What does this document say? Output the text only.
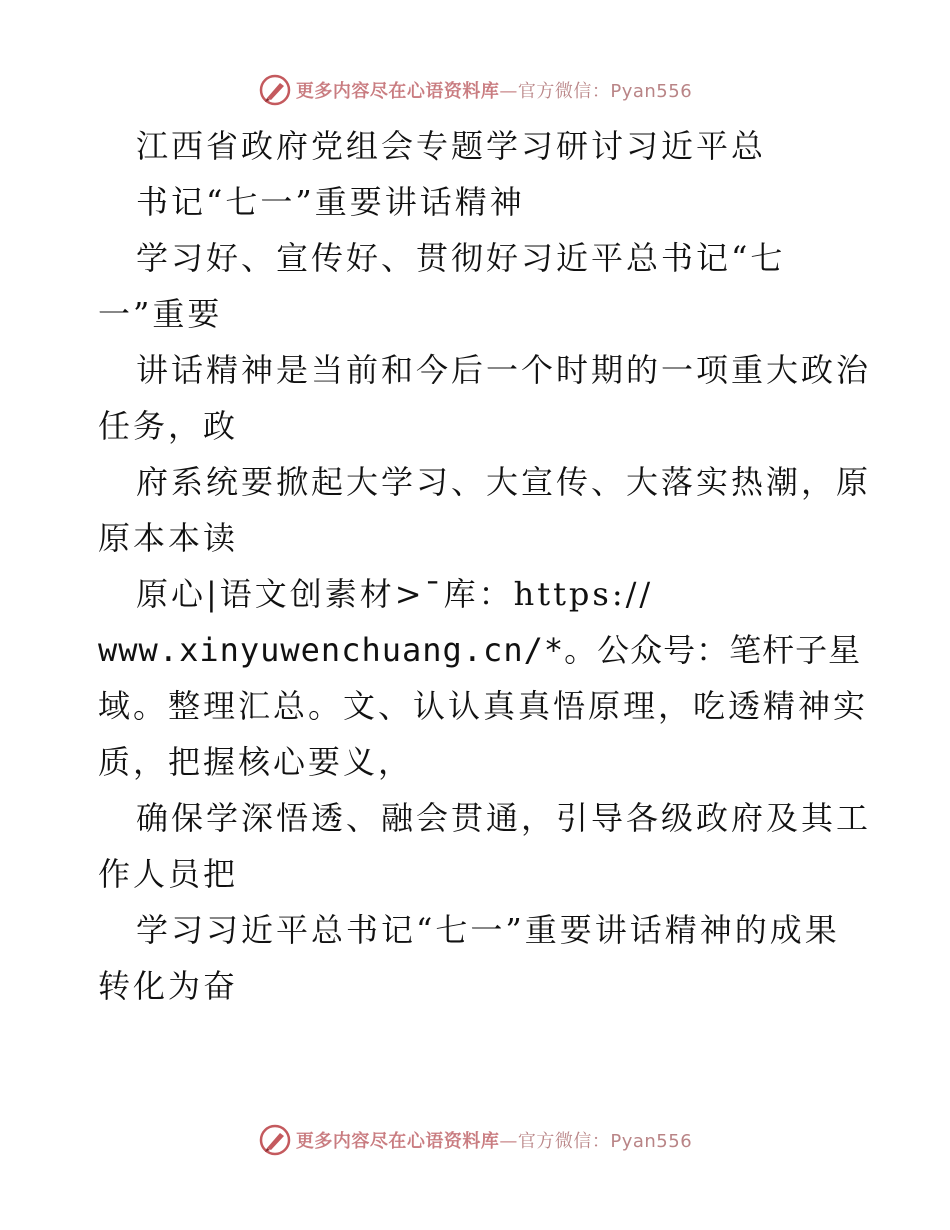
更多内容尽在心语资料库—官方微信：Pyan556
江西省政府党组会专题学习研讨习近平总
书记“七一”重要讲话精神
学习好、宣传好、贯彻好习近平总书记“七
一”重要
讲话精神是当前和今后一个时期的一项重大政治
任务，政
府系统要掀起大学习、大宣传、大落实热潮，原
原本本读
原心|语文创素材>¯库：https://
www.xinyuwenchuang.cn/*。公众号：笔杆子星
域。整理汇总。文、认认真真悟原理，吃透精神实
质，把握核心要义，
确保学深悟透、融会贯通，引导各级政府及其工
作人员把
学习习近平总书记“七一”重要讲话精神的成果
转化为奋
更多内容尽在心语资料库—官方微信：Pyan556
